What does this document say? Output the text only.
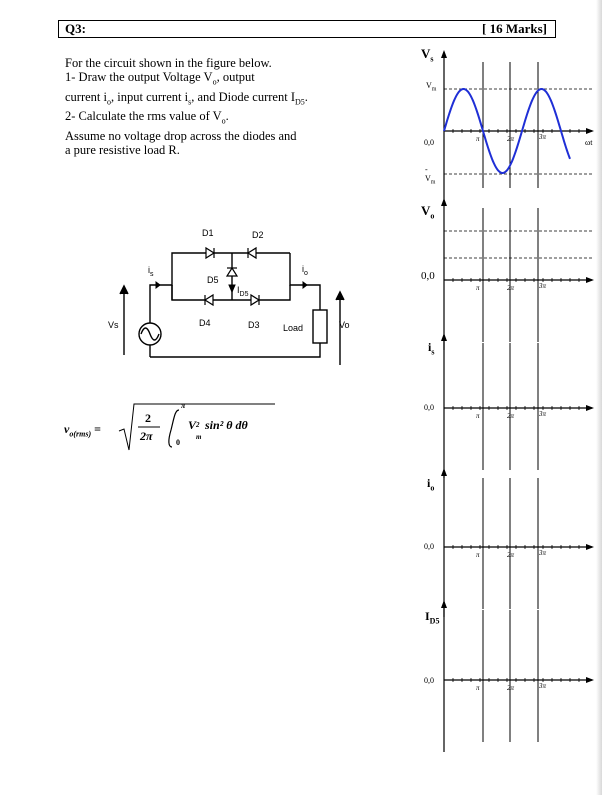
Q3:	[ 16 Marks]
For the circuit shown in the figure below.
1- Draw the output Voltage $V_o$, output
current $i_o$, input current $i_s$, and Diode current $I_{D5}$.
2- Calculate the rms value of $V_o$.
Assume no voltage drop across the diodes and
a pure resistive load R.
D1	D2
D5
$I_{D5}$
D4	D3
$i_s$
$i_o$
Vs	Vo
Load
$v_{o(rms)}$ =
2
2π
π
0
V 2
m
sin² θ dθ
π	2π	3π
π	2π	3π
π	2π	3π
π	2π	3π
π	2π	3π
$V_s$
$V_m$
0,0
$-V_m$
ωt
$V_o$
0,0
$i_s$
0,0
$i_o$
0,0
$I_{D5}$
0,0
